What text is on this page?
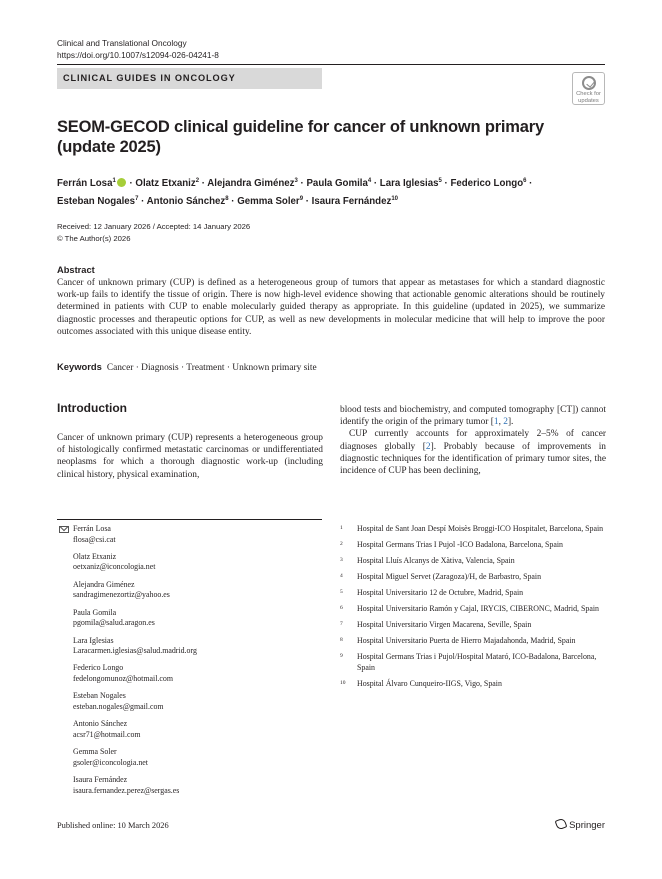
Clinical and Translational Oncology
https://doi.org/10.1007/s12094-026-04241-8
CLINICAL GUIDES IN ONCOLOGY
Check for
updates
SEOM-GECOD clinical guideline for cancer of unknown primary
(update 2025)
Ferrán Losa$^1$ · Olatz Etxaniz$^2$ · Alejandra Giménez$^3$ · Paula Gomila$^4$ · Lara Iglesias$^5$ · Federico Longo$^6$ ·
Esteban Nogales$^7$ · Antonio Sánchez$^8$ · Gemma Soler$^9$ · Isaura Fernández$^{10}$
Received: 12 January 2026 / Accepted: 14 January 2026
© The Author(s) 2026
Abstract

Cancer of unknown primary (CUP) is defined as a heterogeneous group of tumors that appear as metastases for which a standard diagnostic work-up fails to identify the tissue of origin. There is now high-level evidence showing that actionable genomic alterations should be routinely determined in patients with CUP to enable molecularly guided therapy as appropriate. In this guideline (updated in 2025), we summarize diagnostic processes and therapeutic options for CUP, as well as new developments in molecular medicine that will help to improve the poor outcomes associated with this unique disease entity.

Keywords Cancer · Diagnosis · Treatment · Unknown primary site
Introduction

Cancer of unknown primary (CUP) represents a heterogeneous group of histologically confirmed metastatic carcinomas or undifferentiated neoplasms for which a thorough diagnostic work-up (including clinical history, physical examination,

blood tests and biochemistry, and computed tomography [CT]) cannot identify the origin of the primary tumor [1, 2].

CUP currently accounts for approximately 2–5% of cancer diagnoses globally [2]. Probably because of improvements in diagnostic techniques for the identification of primary tumor sites, the incidence of CUP has been declining,

Ferrán Losa
flosa@csi.cat
Olatz Etxaniz
oetxaniz@iconcologia.net
Alejandra Giménez
sandragimenezortiz@yahoo.es
Paula Gomila
pgomila@salud.aragon.es
Lara Iglesias
Laracarmen.iglesias@salud.madrid.org
Federico Longo
fedelongomunoz@hotmail.com
Esteban Nogales
esteban.nogales@gmail.com
Antonio Sánchez
acsr71@hotmail.com
Gemma Soler
gsoler@iconcologia.net
Isaura Fernández
isaura.fernandez.perez@sergas.es
1 Hospital de Sant Joan Despí Moisès Broggi-ICO Hospitalet, Barcelona, Spain
2 Hospital Germans Trias I Pujol -ICO Badalona, Barcelona, Spain
3 Hospital Lluís Alcanys de Xàtiva, Valencia, Spain
4 Hospital Miguel Servet (Zaragoza)/H, de Barbastro, Spain
5 Hospital Universitario 12 de Octubre, Madrid, Spain
6 Hospital Universitario Ramón y Cajal, IRYCIS, CIBERONC, Madrid, Spain
7 Hospital Universitario Virgen Macarena, Seville, Spain
8 Hospital Universitario Puerta de Hierro Majadahonda, Madrid, Spain
9 Hospital Germans Trias i Pujol/Hospital Mataró, ICO-Badalona, Barcelona, Spain
10 Hospital Álvaro Cunqueiro-IIGS, Vigo, Spain
Published online: 10 March 2026	Springer
